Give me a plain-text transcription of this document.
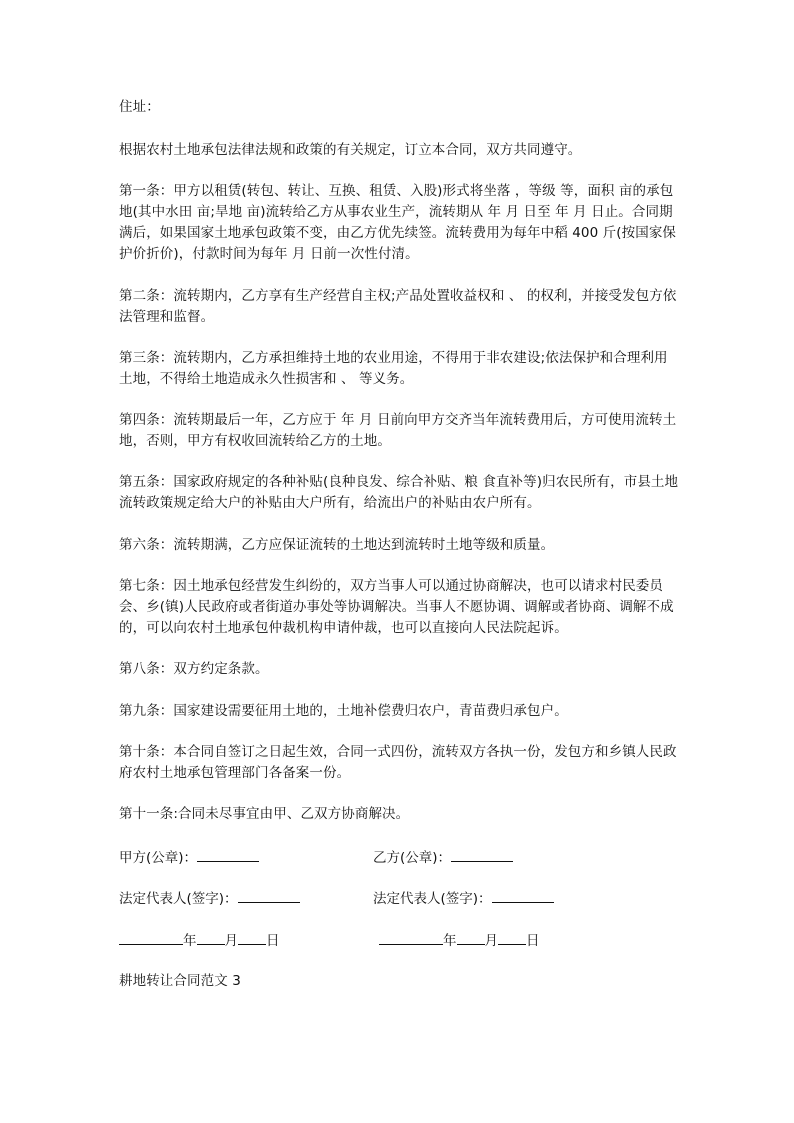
住址：

根据农村土地承包法律法规和政策的有关规定，订立本合同，双方共同遵守。

第一条：甲方以租赁(转包、转让、互换、租赁、入股)形式将坐落 ，等级 等，面积 亩的承包地(其中水田 亩;旱地 亩)流转给乙方从事农业生产，流转期从 年 月 日至 年 月 日止。合同期满后，如果国家土地承包政策不变，由乙方优先续签。流转费用为每年中稻 400 斤(按国家保护价折价)，付款时间为每年 月 日前一次性付清。

第二条：流转期内，乙方享有生产经营自主权;产品处置收益权和 、 的权利，并接受发包方依法管理和监督。

第三条：流转期内，乙方承担维持土地的农业用途，不得用于非农建设;依法保护和合理利用土地，不得给土地造成永久性损害和 、 等义务。

第四条：流转期最后一年，乙方应于 年 月 日前向甲方交齐当年流转费用后，方可使用流转土地，否则，甲方有权收回流转给乙方的土地。

第五条：国家政府规定的各种补贴(良种良发、综合补贴、粮 食直补等)归农民所有，市县土地流转政策规定给大户的补贴由大户所有，给流出户的补贴由农户所有。

第六条：流转期满，乙方应保证流转的土地达到流转时土地等级和质量。

第七条：因土地承包经营发生纠纷的，双方当事人可以通过协商解决，也可以请求村民委员会、乡(镇)人民政府或者街道办事处等协调解决。当事人不愿协调、调解或者协商、调解不成的，可以向农村土地承包仲裁机构申请仲裁，也可以直接向人民法院起诉。

第八条：双方约定条款。

第九条：国家建设需要征用土地的，土地补偿费归农户，青苗费归承包户。

第十条：本合同自签订之日起生效，合同一式四份，流转双方各执一份，发包方和乡镇人民政府农村土地承包管理部门各备案一份。

第十一条:合同未尽事宜由甲、乙双方协商解决。

甲方(公章)：	乙方(公章)：
法定代表人(签字)：	法定代表人(签字)：
年 月 日	年 月 日

耕地转让合同范文 3
